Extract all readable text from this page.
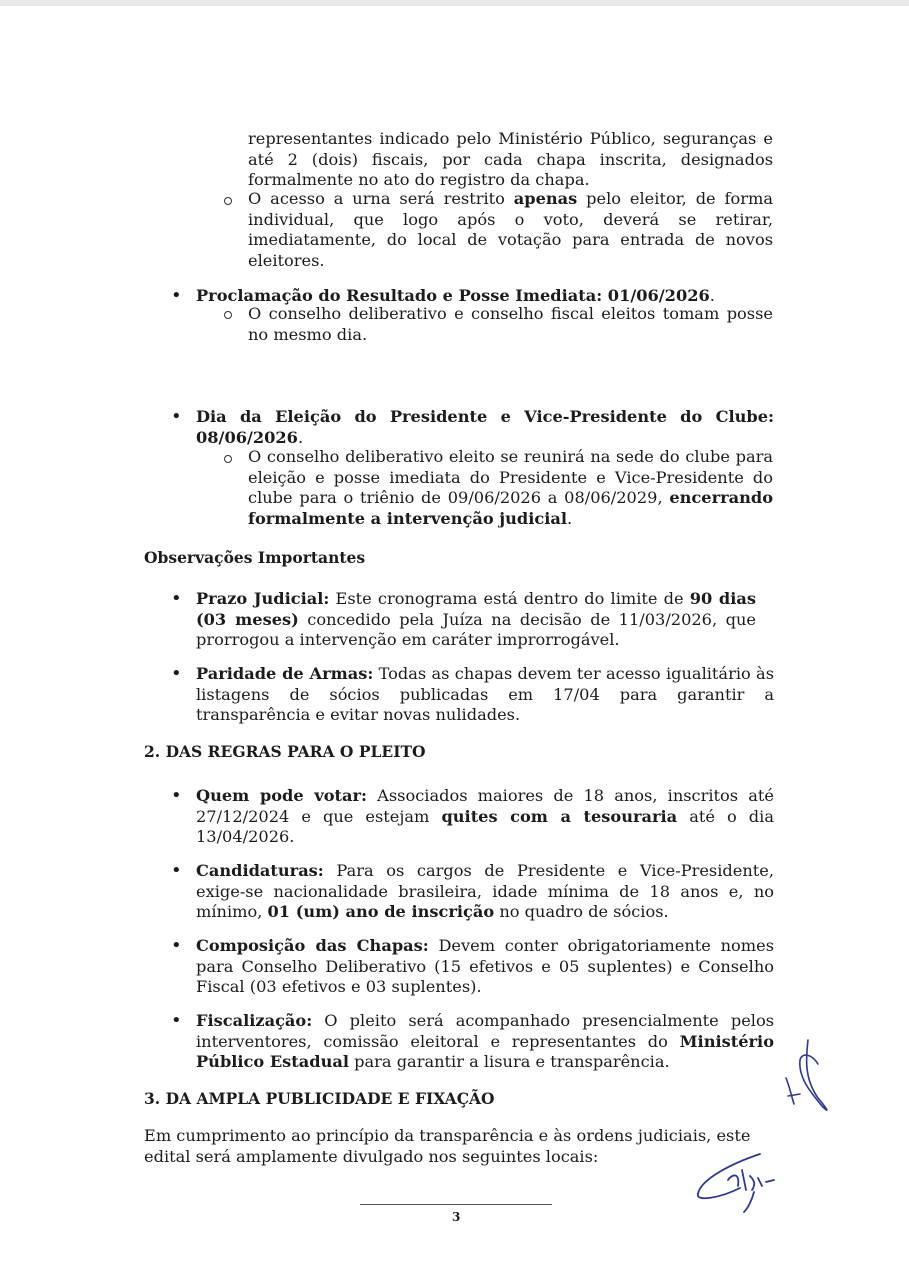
representantes indicado pelo Ministério Público, seguranças e até 2 (dois) fiscais, por cada chapa inscrita, designados formalmente no ato do registro da chapa.
O acesso a urna será restrito apenas pelo eleitor, de forma individual, que logo após o voto, deverá se retirar, imediatamente, do local de votação para entrada de novos eleitores.
• Proclamação do Resultado e Posse Imediata: 01/06/2026.
O conselho deliberativo e conselho fiscal eleitos tomam posse no mesmo dia.
• Dia da Eleição do Presidente e Vice-Presidente do Clube: 08/06/2026.
O conselho deliberativo eleito se reunirá na sede do clube para eleição e posse imediata do Presidente e Vice-Presidente do clube para o triênio de 09/06/2026 a 08/06/2029, encerrando formalmente a intervenção judicial.
Observações Importantes
• Prazo Judicial: Este cronograma está dentro do limite de 90 dias (03 meses) concedido pela Juíza na decisão de 11/03/2026, que prorrogou a intervenção em caráter improrrogável.
• Paridade de Armas: Todas as chapas devem ter acesso igualitário às listagens de sócios publicadas em 17/04 para garantir a transparência e evitar novas nulidades.
2. DAS REGRAS PARA O PLEITO
• Quem pode votar: Associados maiores de 18 anos, inscritos até 27/12/2024 e que estejam quites com a tesouraria até o dia 13/04/2026.
• Candidaturas: Para os cargos de Presidente e Vice-Presidente, exige-se nacionalidade brasileira, idade mínima de 18 anos e, no mínimo, 01 (um) ano de inscrição no quadro de sócios.
• Composição das Chapas: Devem conter obrigatoriamente nomes para Conselho Deliberativo (15 efetivos e 05 suplentes) e Conselho Fiscal (03 efetivos e 03 suplentes).
• Fiscalização: O pleito será acompanhado presencialmente pelos interventores, comissão eleitoral e representantes do Ministério Público Estadual para garantir a lisura e transparência.
3. DA AMPLA PUBLICIDADE E FIXAÇÃO
Em cumprimento ao princípio da transparência e às ordens judiciais, este edital será amplamente divulgado nos seguintes locais:
3
